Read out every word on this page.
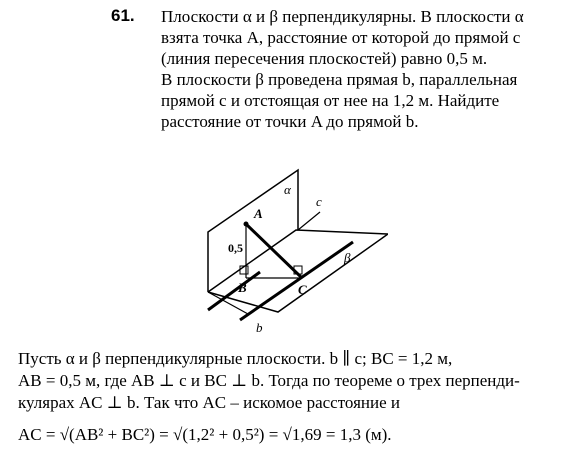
61. Плоскости α и β перпендикулярны. В плоскости α
взята точка A, расстояние от которой до прямой c
(линия пересечения плоскостей) равно 0,5 м.
В плоскости β проведена прямая b, параллельная
прямой c и отстоящая от нее на 1,2 м. Найдите
расстояние от точки A до прямой b.
α
c
A
0,5
β
B	C
b
Пусть α и β перпендикулярные плоскости. b ∥ c; BC = 1,2 м,
AB = 0,5 м, где AB ⊥ c и BC ⊥ b. Тогда по теореме о трех перпенди-
кулярах AC ⊥ b. Так что AC – искомое расстояние и
AC = √(AB² + BC²) = √(1,2² + 0,5²) = √1,69 = 1,3 (м).
